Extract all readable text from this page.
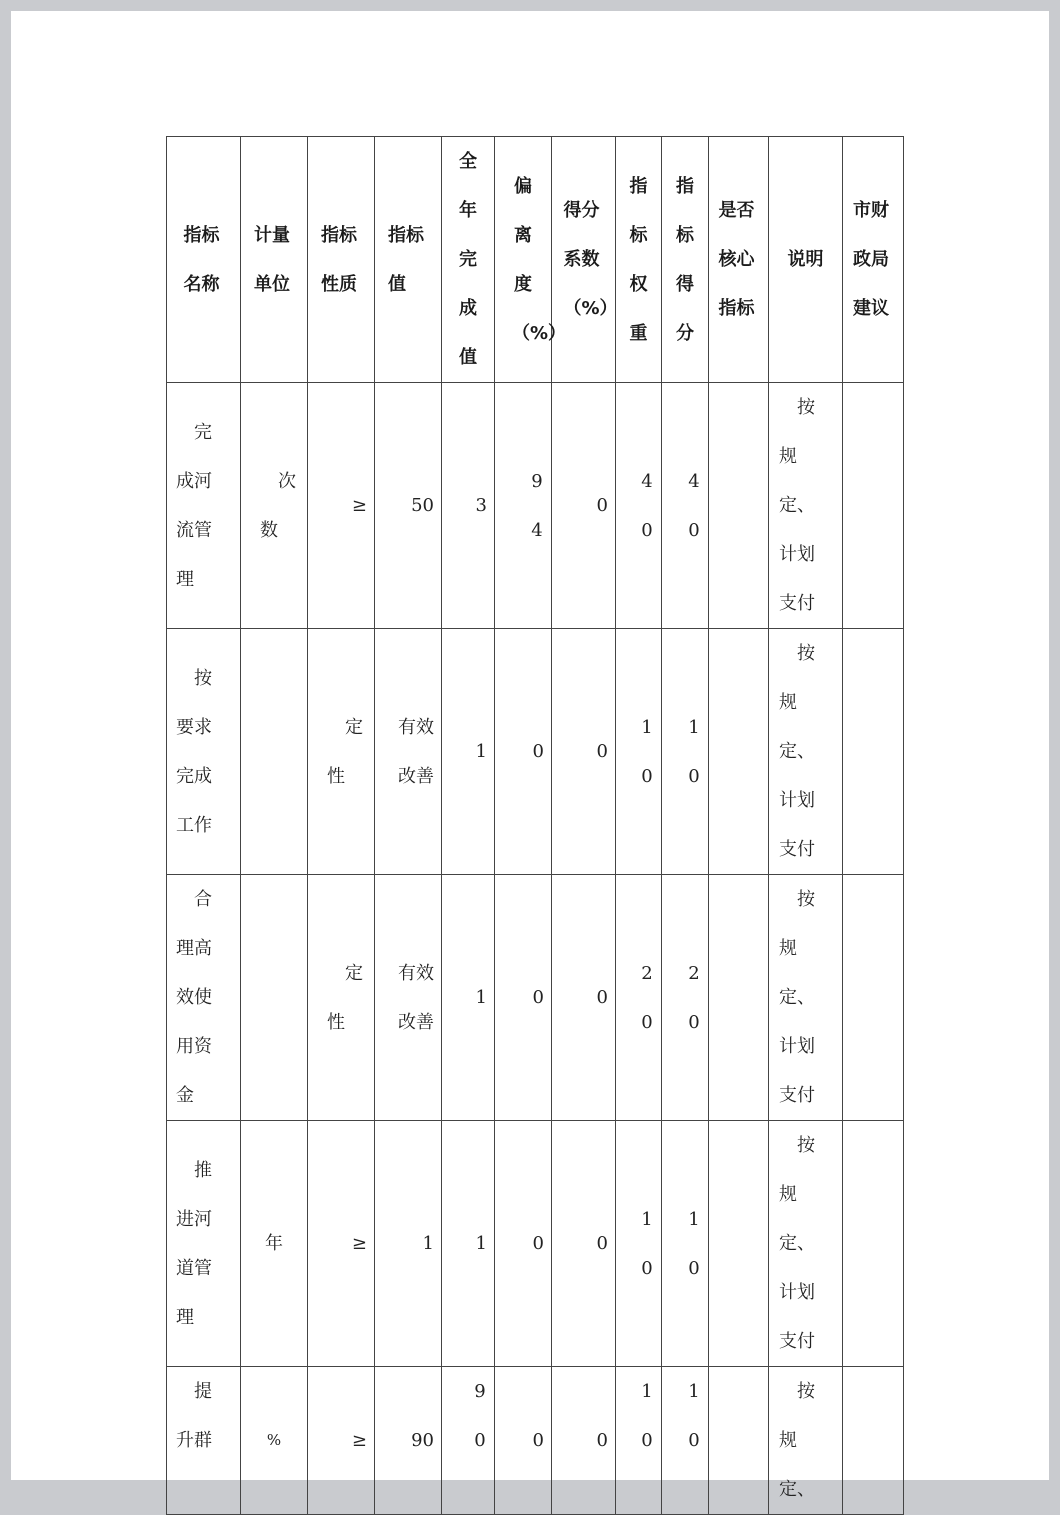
指标名称	计量单位	指标性质	指标值	全年完成值	偏离度（%）	得分系数（%）	指标权重	指标得分	是否核心指标	说明	市财政局建议

完成河流管理	次数	≥	50	3	94	0	40	40		按规定、计划支付	

按要求完成工作		定性	有效改善	1	0	0	10	10		按规定、计划支付	

合理高效使用资金		定性	有效改善	1	0	0	20	20		按规定、计划支付	

推进河道管理	年	≥	1	1	0	0	10	10		按规定、计划支付	

提升群	%	≥	90	90	0	0	10	10		按规定、	
